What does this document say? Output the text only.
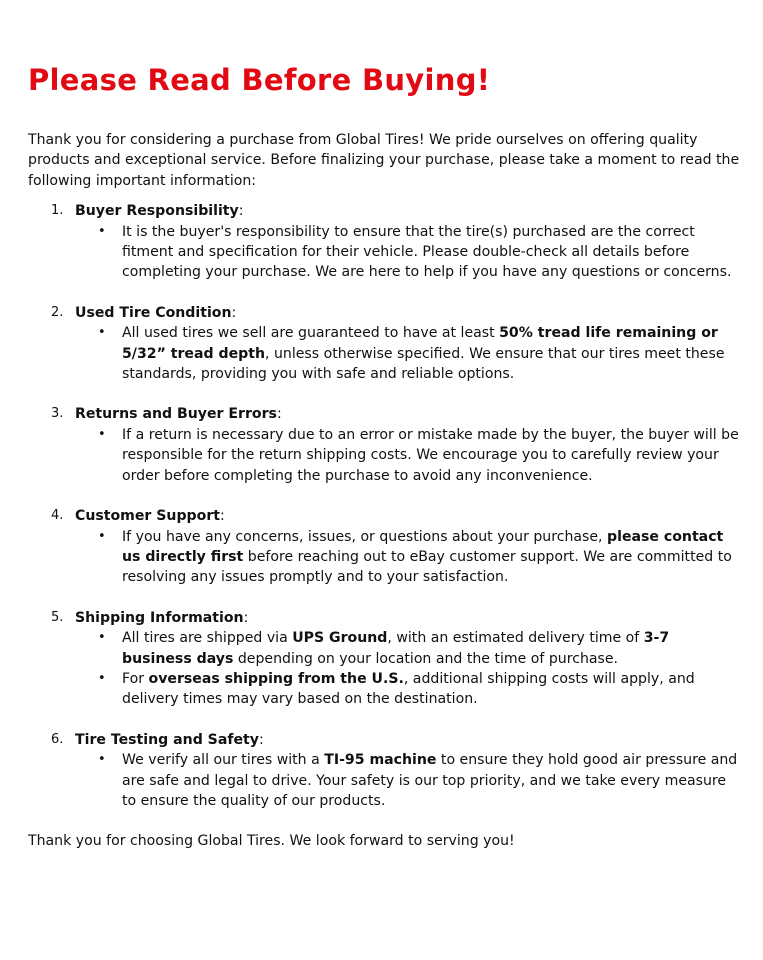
Please Read Before Buying!

Thank you for considering a purchase from Global Tires! We pride ourselves on offering quality products and exceptional service. Before finalizing your purchase, please take a moment to read the following important information:

1. Buyer Responsibility:
• It is the buyer's responsibility to ensure that the tire(s) purchased are the correct fitment and specification for their vehicle. Please double-check all details before completing your purchase. We are here to help if you have any questions or concerns.
2. Used Tire Condition:
• All used tires we sell are guaranteed to have at least 50% tread life remaining or 5/32” tread depth, unless otherwise specified. We ensure that our tires meet these standards, providing you with safe and reliable options.
3. Returns and Buyer Errors:
• If a return is necessary due to an error or mistake made by the buyer, the buyer will be responsible for the return shipping costs. We encourage you to carefully review your order before completing the purchase to avoid any inconvenience.
4. Customer Support:
• If you have any concerns, issues, or questions about your purchase, please contact us directly first before reaching out to eBay customer support. We are committed to resolving any issues promptly and to your satisfaction.
5. Shipping Information:
• All tires are shipped via UPS Ground, with an estimated delivery time of 3-7 business days depending on your location and the time of purchase.
• For overseas shipping from the U.S., additional shipping costs will apply, and delivery times may vary based on the destination.
6. Tire Testing and Safety:
• We verify all our tires with a TI-95 machine to ensure they hold good air pressure and are safe and legal to drive. Your safety is our top priority, and we take every measure to ensure the quality of our products.

Thank you for choosing Global Tires. We look forward to serving you!
